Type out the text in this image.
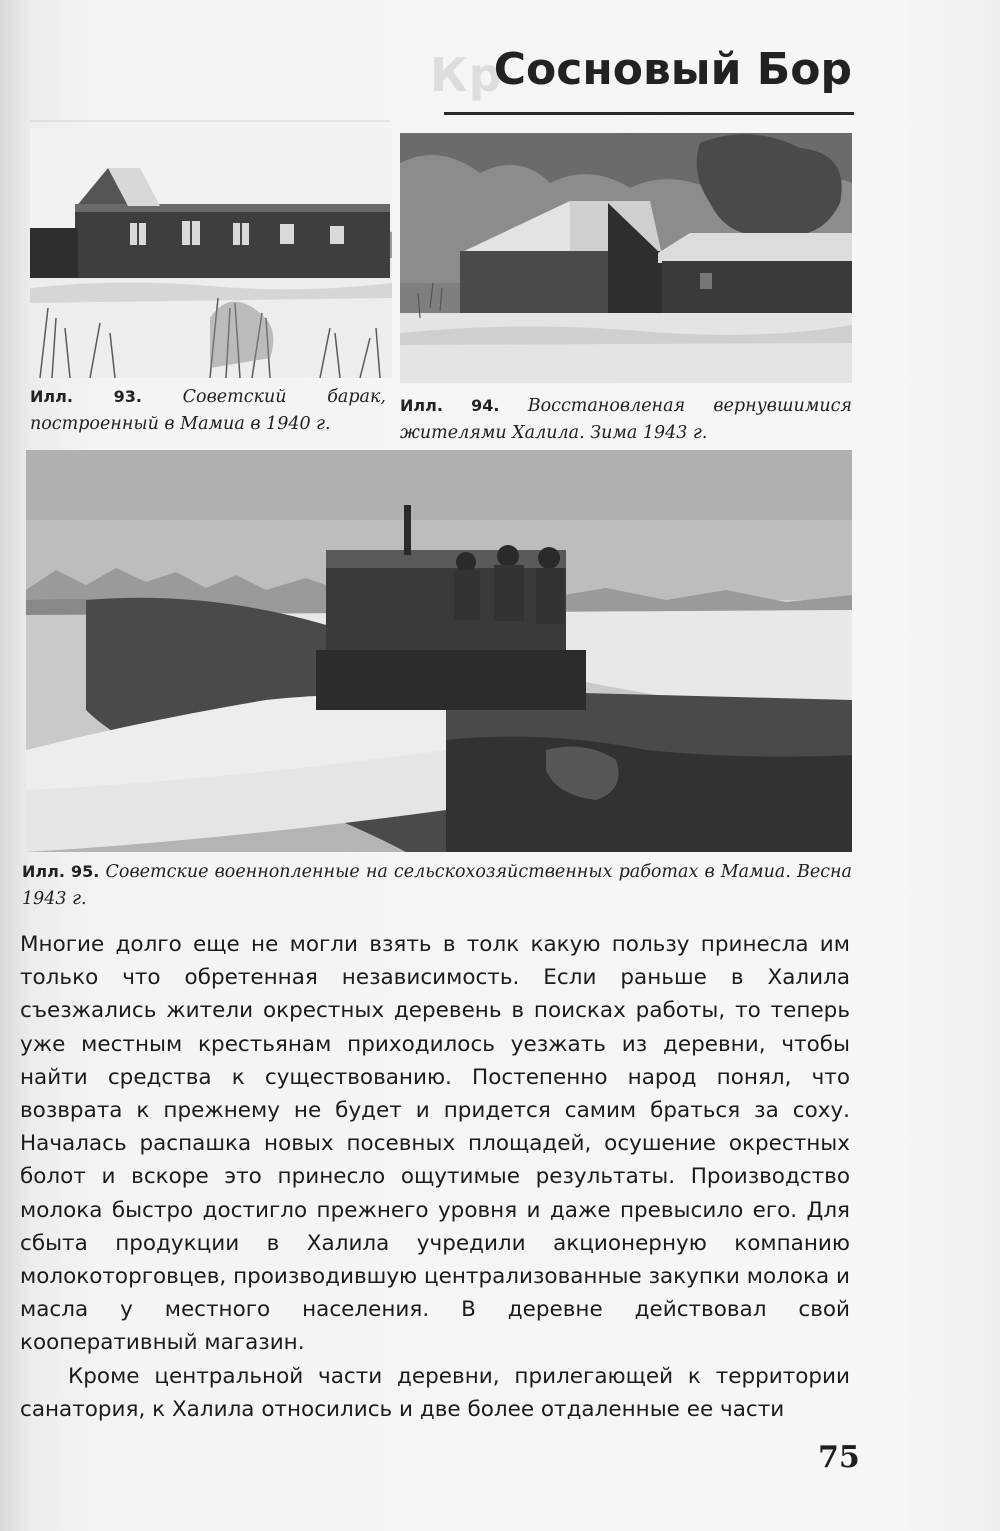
Кр
Сосновый Бор
Илл. 93. Советский барак, построенный в Мамиа в 1940 г.
Илл. 94. Восстановленая вернувшимися жителями Халила. Зима 1943 г.
Илл. 95. Советские военнопленные на сельскохозяйственных работах в Мамиа. Весна 1943 г.

Многие долго еще не могли взять в толк какую пользу принесла им только что обретенная независимость. Если раньше в Халила съезжались жители окрестных деревень в поисках работы, то теперь уже местным крестьянам приходилось уезжать из деревни, чтобы найти средства к существованию. Постепенно народ понял, что возврата к прежнему не будет и придется самим браться за соху. Началась распашка новых посевных площадей, осушение окрестных болот и вскоре это принесло ощутимые результаты. Производство молока быстро достигло прежнего уровня и даже превысило его. Для сбыта продукции в Халила учредили акционерную компанию молокоторговцев, производившую централизованные закупки молока и масла у местного населения. В деревне действовал свой кооперативный магазин.

Кроме центральной части деревни, прилегающей к территории санатория, к Халила относились и две более отдаленные ее части

75
